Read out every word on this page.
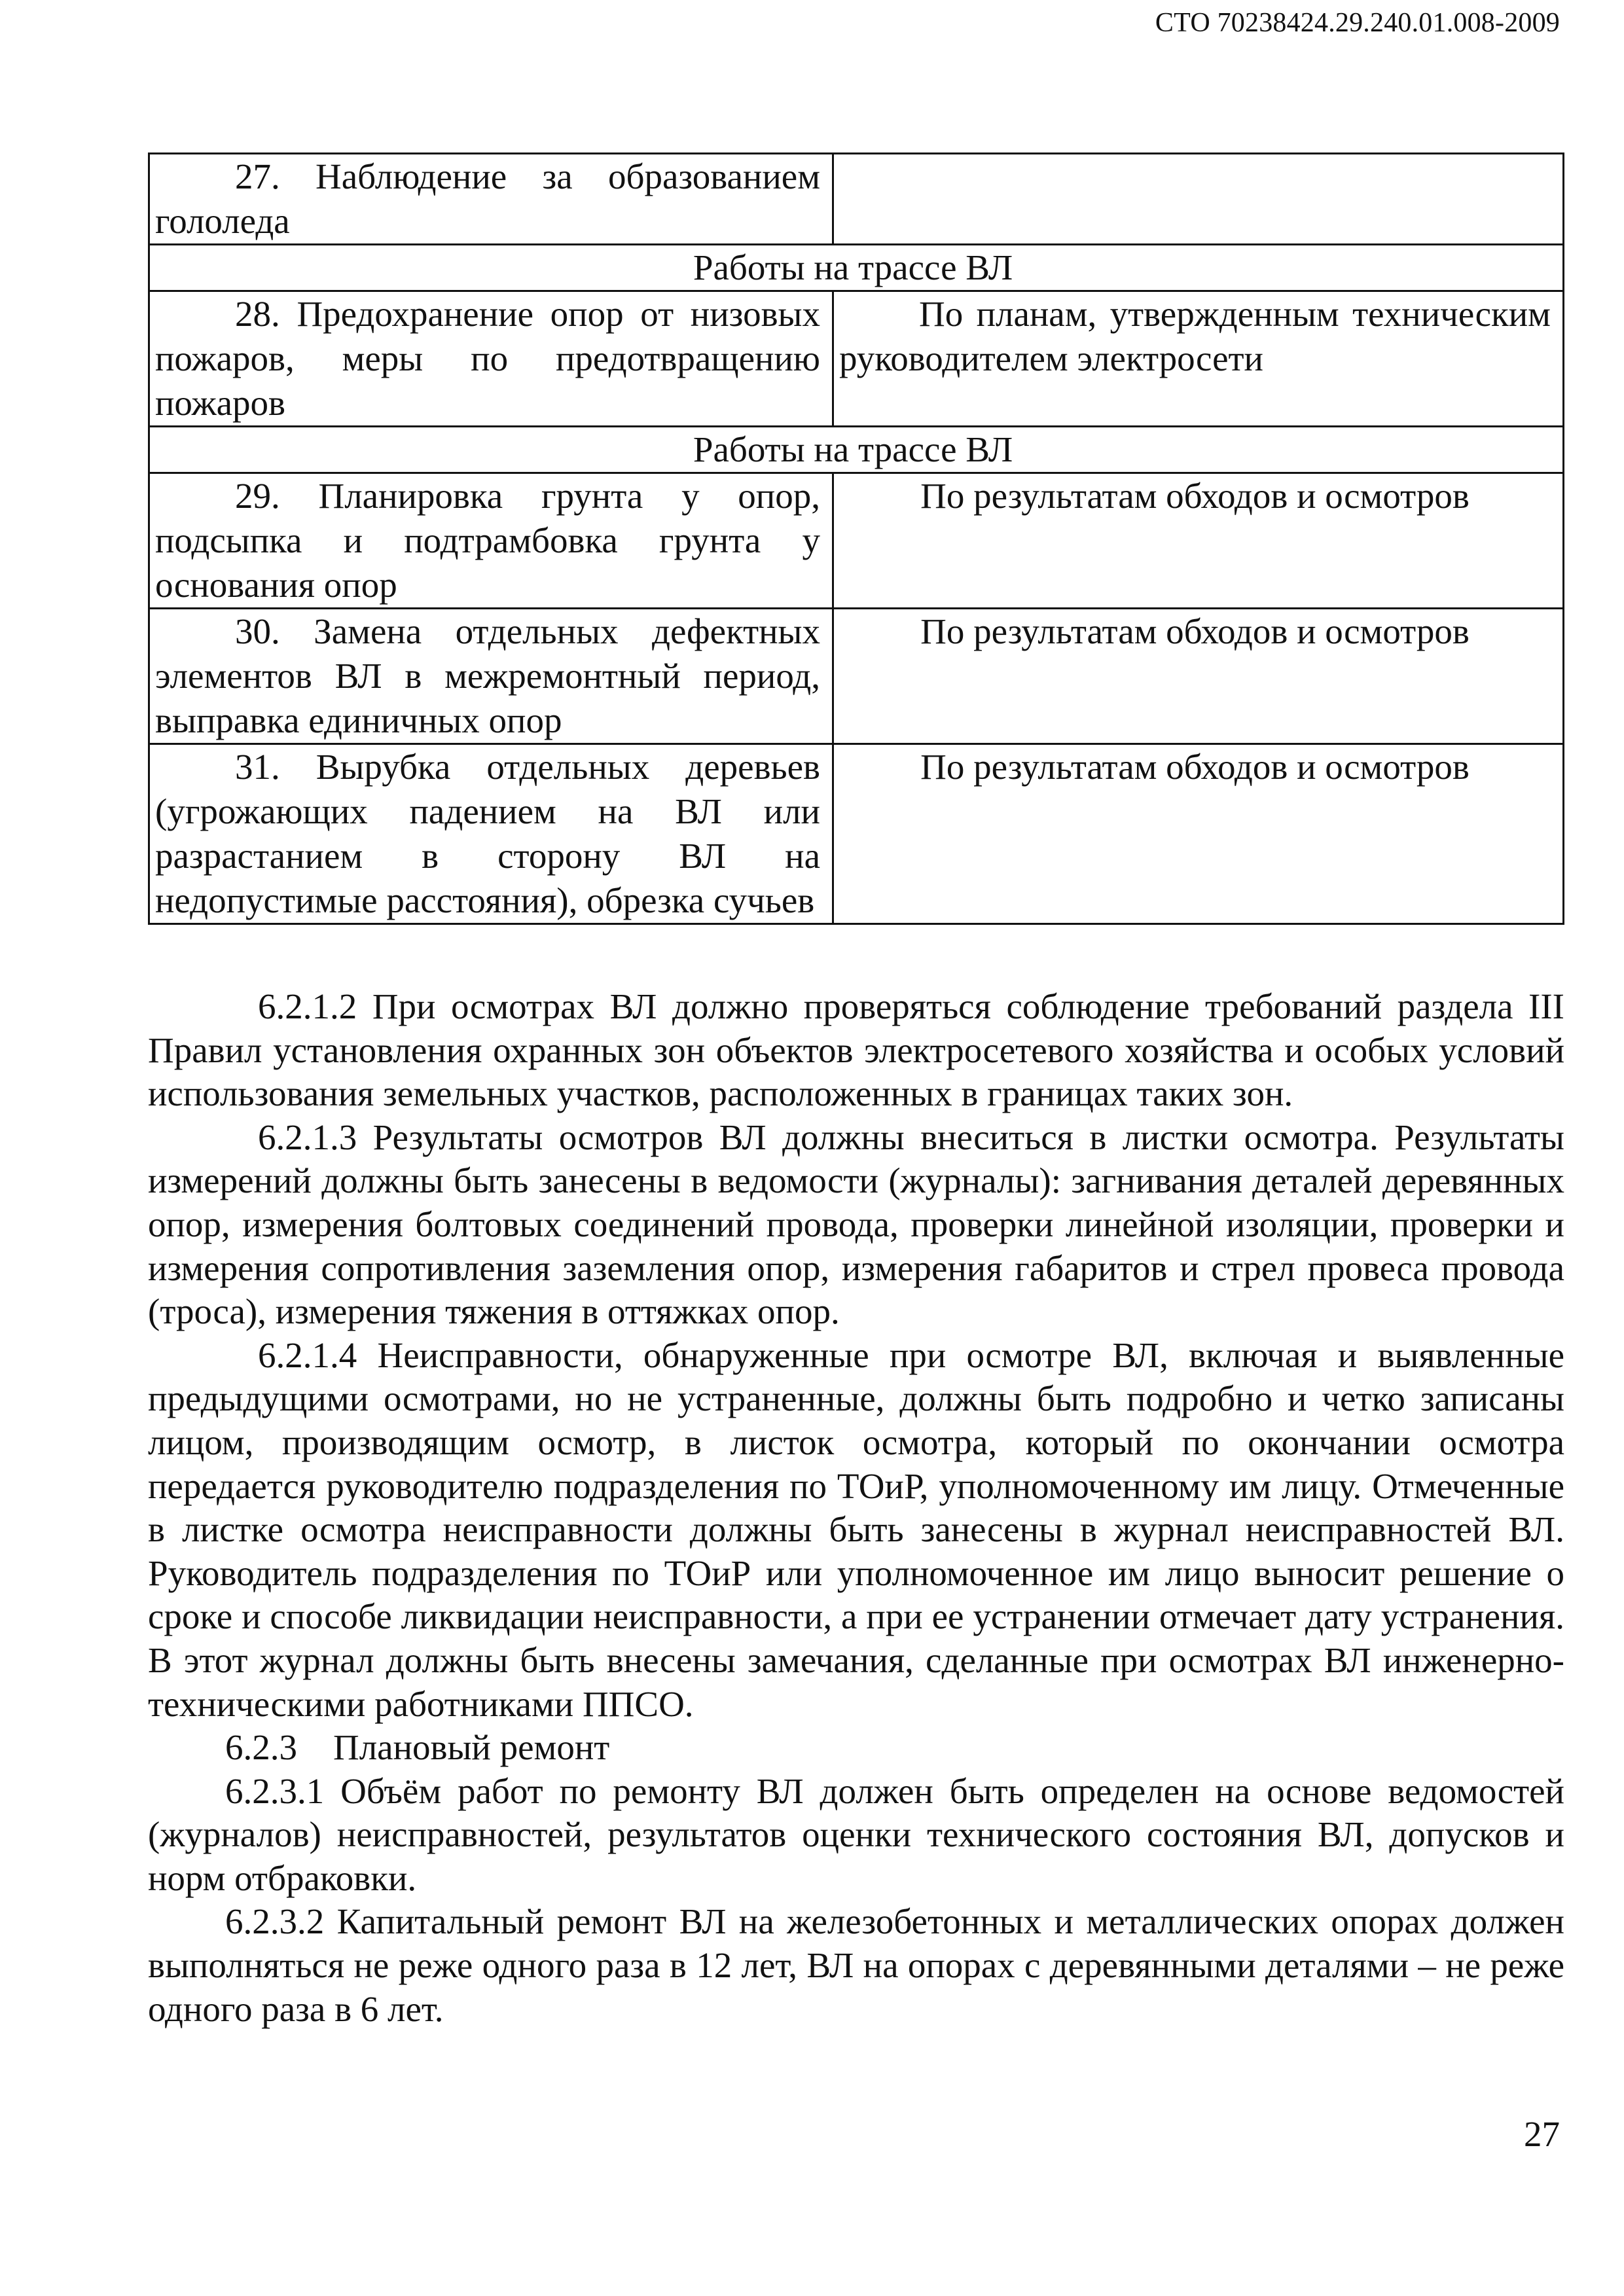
СТО 70238424.29.240.01.008-2009
27. Наблюдение за образованием гололеда	

Работы на трассе ВЛ	

28. Предохранение опор от низовых пожаров, меры по предотвращению пожаров	По планам, утвержденным техническим руководителем электросети

Работы на трассе ВЛ	

29. Планировка грунта у опор, подсыпка и подтрамбовка грунта у основания опор	По результатам обходов и осмотров

30. Замена отдельных дефектных элементов ВЛ в межремонтный период, выправка единичных опор	По результатам обходов и осмотров

31. Вырубка отдельных деревьев (угрожающих падением на ВЛ или разрастанием в сторону ВЛ на недопустимые расстояния), обрезка сучьев	По результатам обходов и осмотров

6.2.1.2 При осмотрах ВЛ должно проверяться соблюдение требований раздела III Правил установления охранных зон объектов электросетевого хозяйства и особых условий использования земельных участков, расположенных в границах таких зон.

6.2.1.3 Результаты осмотров ВЛ должны внеситься в листки осмотра. Результаты измерений должны быть занесены в ведомости (журналы): загнивания деталей деревянных опор, измерения болтовых соединений провода, проверки линейной изоляции, проверки и измерения сопротивления заземления опор, измерения габаритов и стрел провеса провода (троса), измерения тяжения в оттяжках опор.

6.2.1.4 Неисправности, обнаруженные при осмотре ВЛ, включая и выявленные предыдущими осмотрами, но не устраненные, должны быть подробно и четко записаны лицом, производящим осмотр, в листок осмотра, который по окончании осмотра передается руководителю подразделения по ТОиР, уполномоченному им лицу. Отмеченные в листке осмотра неисправности должны быть занесены в журнал неисправностей ВЛ. Руководитель подразделения по ТОиР или уполномоченное им лицо выносит решение о сроке и способе ликвидации неисправности, а при ее устранении отмечает дату устранения. В этот журнал должны быть внесены замечания, сделанные при осмотрах ВЛ инженерно-техническими работниками ППСО.

6.2.3 Плановый ремонт

6.2.3.1 Объём работ по ремонту ВЛ должен быть определен на основе ведомостей (журналов) неисправностей, результатов оценки технического состояния ВЛ, допусков и норм отбраковки.

6.2.3.2 Капитальный ремонт ВЛ на железобетонных и металлических опорах должен выполняться не реже одного раза в 12 лет, ВЛ на опорах с деревянными деталями – не реже одного раза в 6 лет.

27
